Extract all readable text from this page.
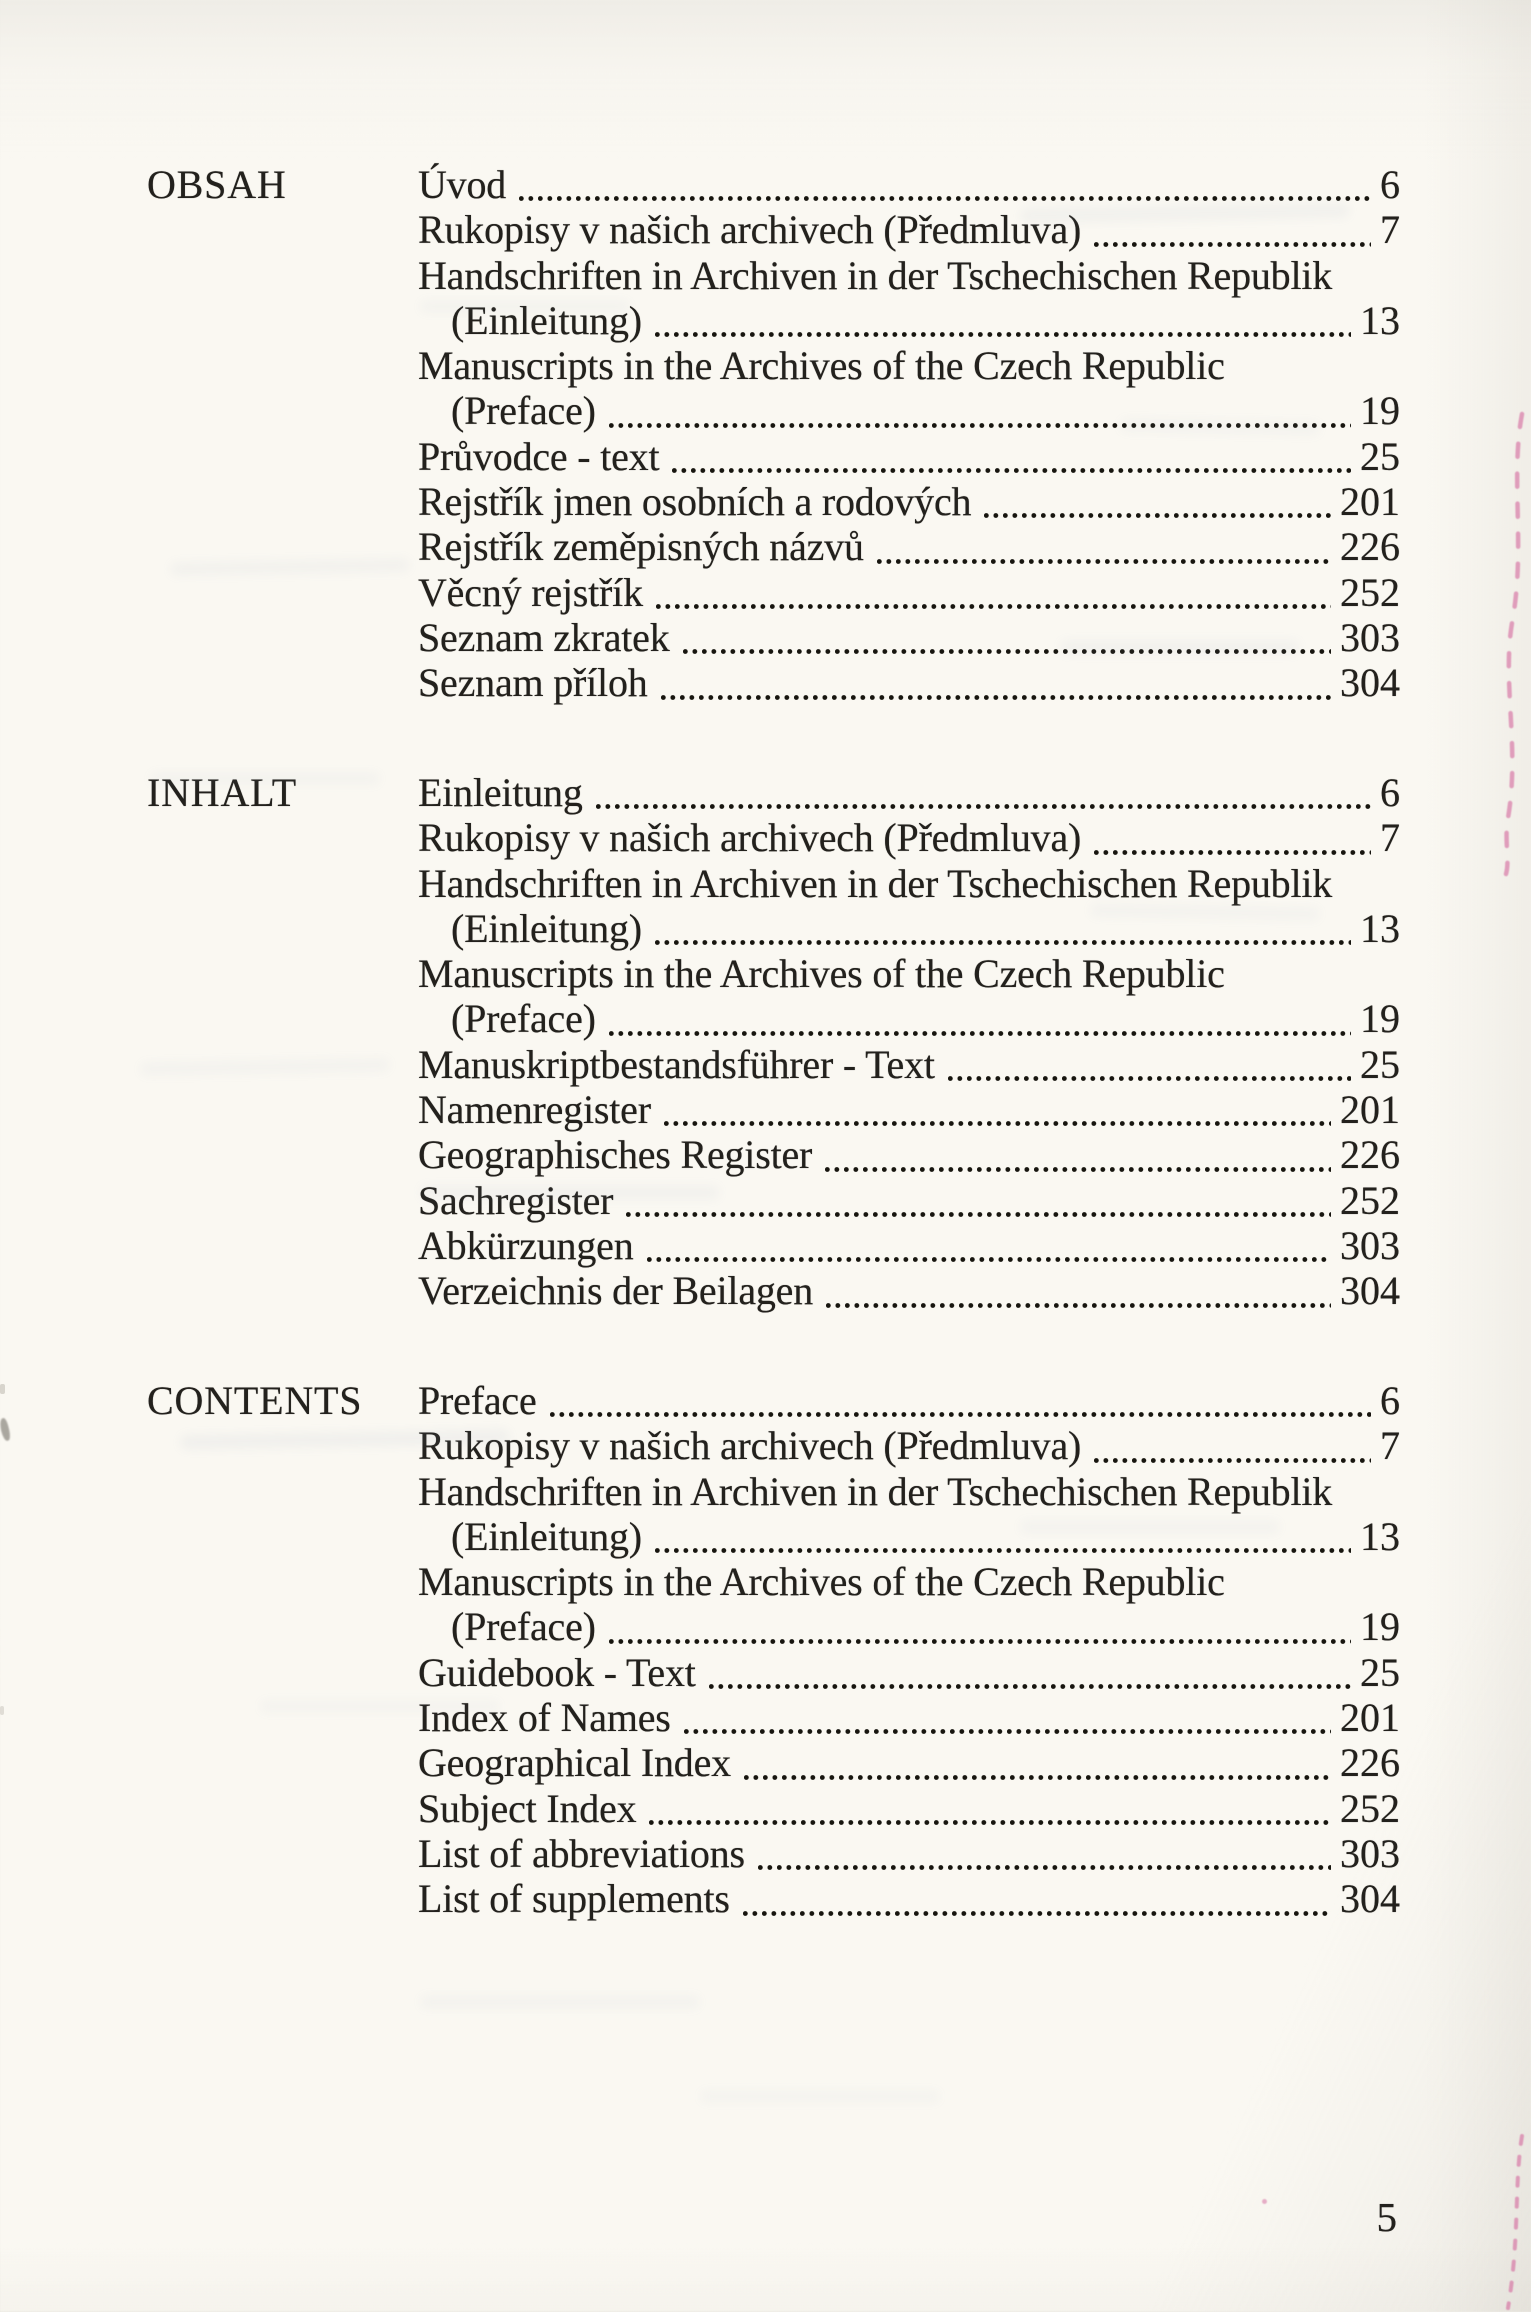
OBSAH	Úvod	6
Rukopisy v našich archivech (Předmluva)	7
Handschriften in Archiven in der Tschechischen Republik
(Einleitung)	13
Manuscripts in the Archives of the Czech Republic
(Preface)	19
Průvodce - text	25
Rejstřík jmen osobních a rodových	201
Rejstřík zeměpisných názvů	226
Věcný rejstřík	252
Seznam zkratek	303
Seznam příloh	304
INHALT	Einleitung	6
Rukopisy v našich archivech (Předmluva)	7
Handschriften in Archiven in der Tschechischen Republik
(Einleitung)	13
Manuscripts in the Archives of the Czech Republic
(Preface)	19
Manuskriptbestandsführer - Text	25
Namenregister	201
Geographisches Register	226
Sachregister	252
Abkürzungen	303
Verzeichnis der Beilagen	304
CONTENTS	Preface	6
Rukopisy v našich archivech (Předmluva)	7
Handschriften in Archiven in der Tschechischen Republik
(Einleitung)	13
Manuscripts in the Archives of the Czech Republic
(Preface)	19
Guidebook - Text	25
Index of Names	201
Geographical Index	226
Subject Index	252
List of abbreviations	303
List of supplements	304
5
